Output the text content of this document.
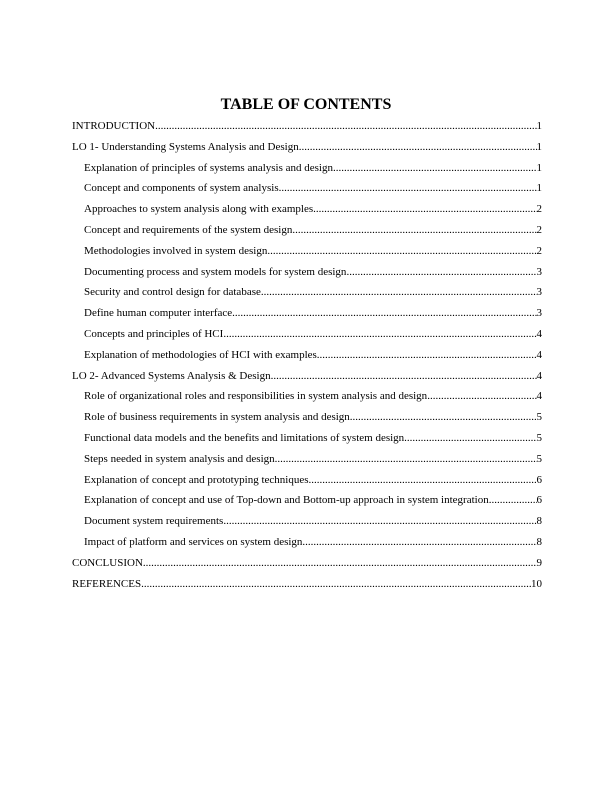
TABLE OF CONTENTS
INTRODUCTION .....	1
LO 1- Understanding Systems Analysis and Design .....	1
Explanation of principles of systems analysis and design .....	1
Concept and components of system analysis .....	1
Approaches to system analysis along with examples .....	2
Concept and requirements of the system design .....	2
Methodologies involved in system design .....	2
Documenting process and system models for system design .....	3
Security and control design for database .....	3
Define human computer interface .....	3
Concepts and principles of HCI .....	4
Explanation of methodologies of HCI with examples .....	4
LO 2- Advanced Systems Analysis & Design .....	4
Role of organizational roles and responsibilities in system analysis and design .....	4
Role of business requirements in system analysis and design .....	5
Functional data models and the benefits and limitations of system design .....	5
Steps needed in system analysis and design .....	5
Explanation of concept and prototyping techniques .....	6
Explanation of concept and use of Top-down and Bottom-up approach in system integration .....	6
Document system requirements .....	8
Impact of platform and services on system design .....	8
CONCLUSION .....	9
REFERENCES .....	10
